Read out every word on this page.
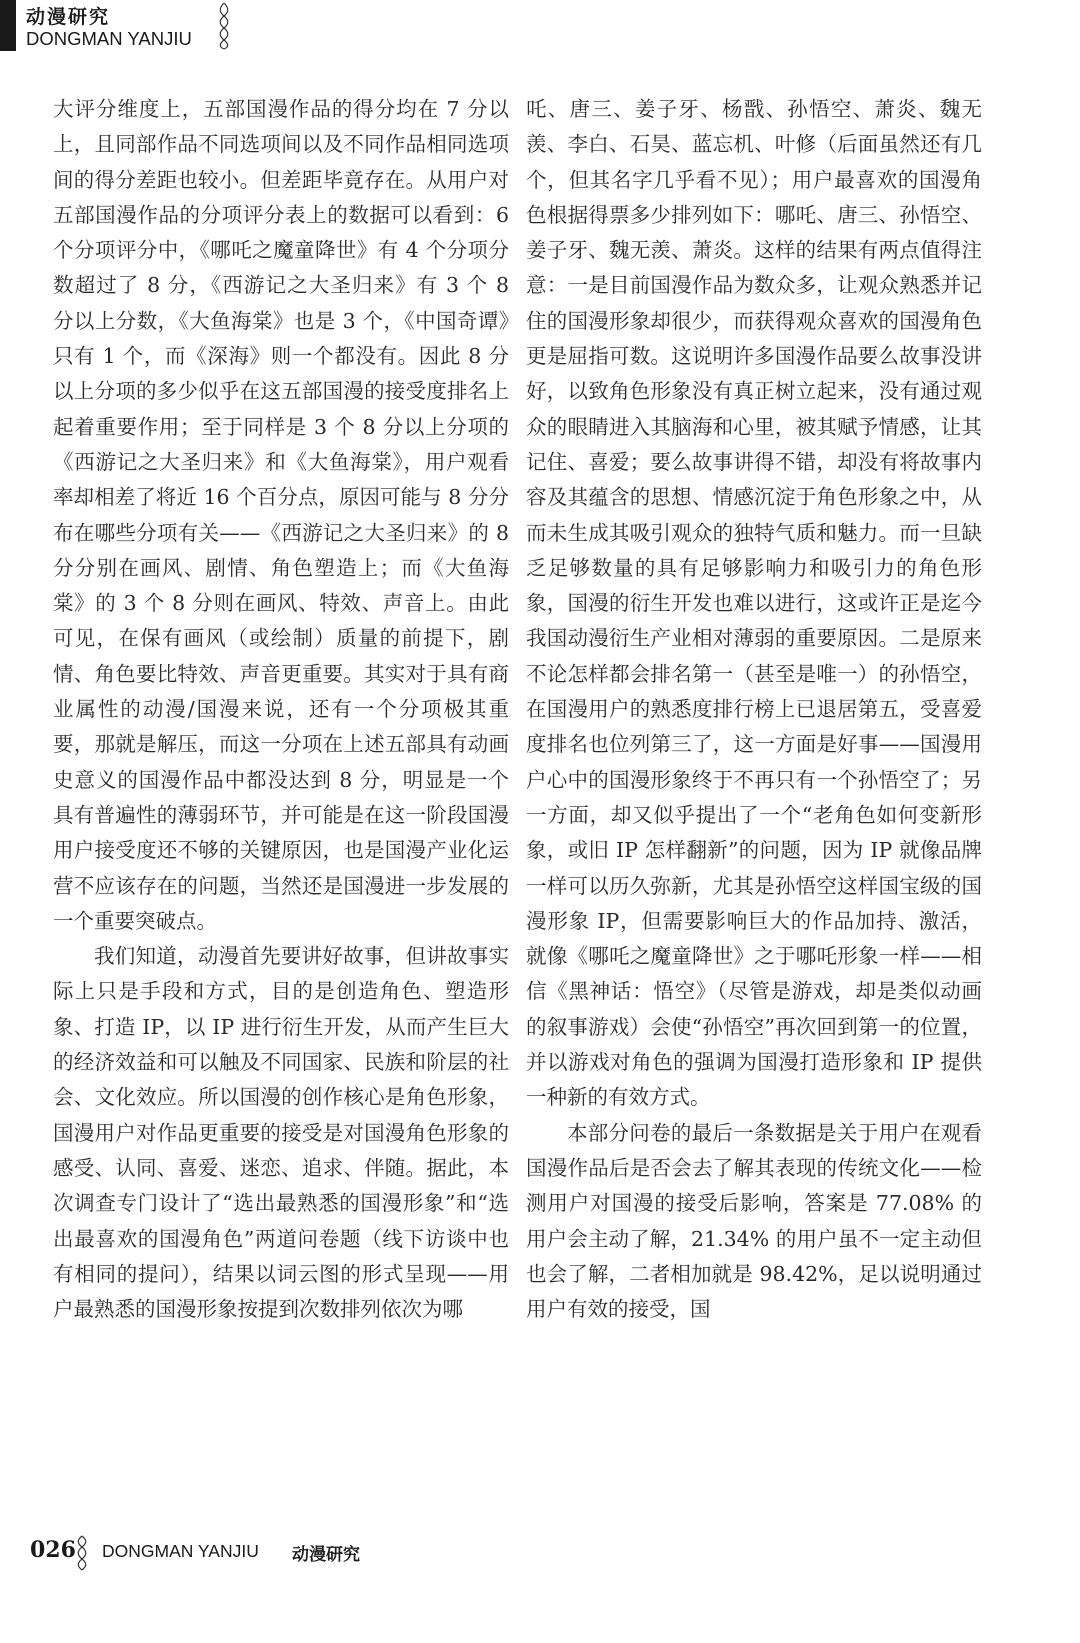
动漫研究
DONGMAN YANJIU

大评分维度上，五部国漫作品的得分均在 7 分以上，且同部作品不同选项间以及不同作品相同选项间的得分差距也较小。但差距毕竟存在。从用户对五部国漫作品的分项评分表上的数据可以看到：6 个分项评分中，《哪吒之魔童降世》有 4 个分项分数超过了 8 分，《西游记之大圣归来》有 3 个 8 分以上分数，《大鱼海棠》也是 3 个，《中国奇谭》只有 1 个，而《深海》则一个都没有。因此 8 分以上分项的多少似乎在这五部国漫的接受度排名上起着重要作用；至于同样是 3 个 8 分以上分项的《西游记之大圣归来》和《大鱼海棠》，用户观看率却相差了将近 16 个百分点，原因可能与 8 分分布在哪些分项有关——《西游记之大圣归来》的 8 分分别在画风、剧情、角色塑造上；而《大鱼海棠》的 3 个 8 分则在画风、特效、声音上。由此可见，在保有画风（或绘制）质量的前提下，剧情、角色要比特效、声音更重要。其实对于具有商业属性的动漫/国漫来说，还有一个分项极其重要，那就是解压，而这一分项在上述五部具有动画史意义的国漫作品中都没达到 8 分，明显是一个具有普遍性的薄弱环节，并可能是在这一阶段国漫用户接受度还不够的关键原因，也是国漫产业化运营不应该存在的问题，当然还是国漫进一步发展的一个重要突破点。

我们知道，动漫首先要讲好故事，但讲故事实际上只是手段和方式，目的是创造角色、塑造形象、打造 IP，以 IP 进行衍生开发，从而产生巨大的经济效益和可以触及不同国家、民族和阶层的社会、文化效应。所以国漫的创作核心是角色形象，国漫用户对作品更重要的接受是对国漫角色形象的感受、认同、喜爱、迷恋、追求、伴随。据此，本次调查专门设计了“选出最熟悉的国漫形象”和“选出最喜欢的国漫角色”两道问卷题（线下访谈中也有相同的提问），结果以词云图的形式呈现——用户最熟悉的国漫形象按提到次数排列依次为哪

吒、唐三、姜子牙、杨戬、孙悟空、萧炎、魏无羡、李白、石昊、蓝忘机、叶修（后面虽然还有几个，但其名字几乎看不见）；用户最喜欢的国漫角色根据得票多少排列如下：哪吒、唐三、孙悟空、姜子牙、魏无羡、萧炎。这样的结果有两点值得注意：一是目前国漫作品为数众多，让观众熟悉并记住的国漫形象却很少，而获得观众喜欢的国漫角色更是屈指可数。这说明许多国漫作品要么故事没讲好，以致角色形象没有真正树立起来，没有通过观众的眼睛进入其脑海和心里，被其赋予情感，让其记住、喜爱；要么故事讲得不错，却没有将故事内容及其蕴含的思想、情感沉淀于角色形象之中，从而未生成其吸引观众的独特气质和魅力。而一旦缺乏足够数量的具有足够影响力和吸引力的角色形象，国漫的衍生开发也难以进行，这或许正是迄今我国动漫衍生产业相对薄弱的重要原因。二是原来不论怎样都会排名第一（甚至是唯一）的孙悟空，在国漫用户的熟悉度排行榜上已退居第五，受喜爱度排名也位列第三了，这一方面是好事——国漫用户心中的国漫形象终于不再只有一个孙悟空了；另一方面，却又似乎提出了一个“老角色如何变新形象，或旧 IP 怎样翻新”的问题，因为 IP 就像品牌一样可以历久弥新，尤其是孙悟空这样国宝级的国漫形象 IP，但需要影响巨大的作品加持、激活，就像《哪吒之魔童降世》之于哪吒形象一样——相信《黑神话：悟空》（尽管是游戏，却是类似动画的叙事游戏）会使“孙悟空”再次回到第一的位置，并以游戏对角色的强调为国漫打造形象和 IP 提供一种新的有效方式。

本部分问卷的最后一条数据是关于用户在观看国漫作品后是否会去了解其表现的传统文化——检测用户对国漫的接受后影响，答案是 77.08% 的用户会主动了解，21.34% 的用户虽不一定主动但也会了解，二者相加就是 98.42%，足以说明通过用户有效的接受，国

026 DONGMAN YANJIU 动漫研究
